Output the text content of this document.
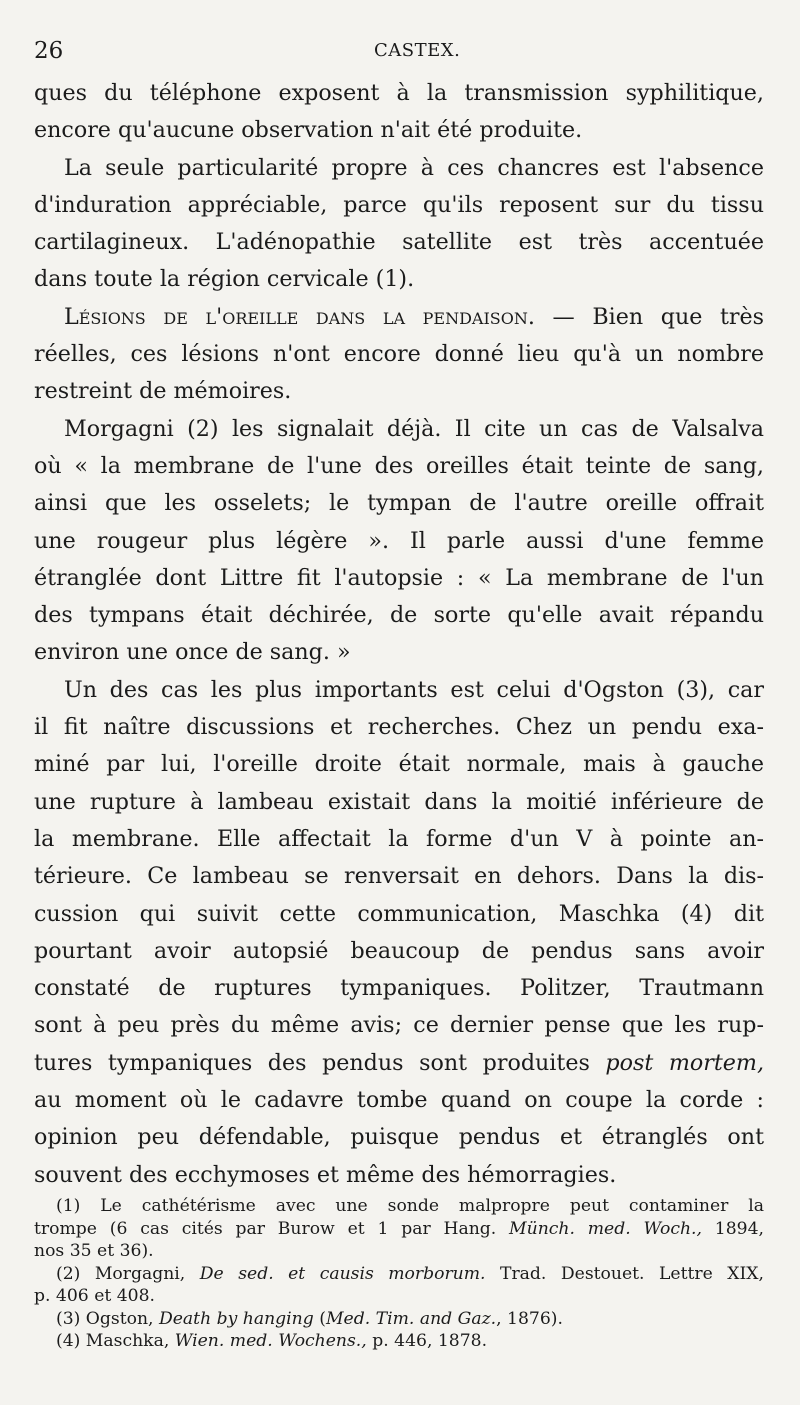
26	CASTEX.
ques du téléphone exposent à la transmission syphilitique,
encore qu'aucune observation n'ait été produite.
La seule particularité propre à ces chancres est l'absence
d'induration appréciable, parce qu'ils reposent sur du tissu
cartilagineux. L'adénopathie satellite est très accentuée
dans toute la région cervicale (1).
Lésions de l'oreille dans la pendaison. — Bien que très
réelles, ces lésions n'ont encore donné lieu qu'à un nombre
restreint de mémoires.
Morgagni (2) les signalait déjà. Il cite un cas de Valsalva
où « la membrane de l'une des oreilles était teinte de sang,
ainsi que les osselets; le tympan de l'autre oreille offrait
une rougeur plus légère ». Il parle aussi d'une femme
étranglée dont Littre fit l'autopsie : « La membrane de l'un
des tympans était déchirée, de sorte qu'elle avait répandu
environ une once de sang. »
Un des cas les plus importants est celui d'Ogston (3), car
il fit naître discussions et recherches. Chez un pendu exa-
miné par lui, l'oreille droite était normale, mais à gauche
une rupture à lambeau existait dans la moitié inférieure de
la membrane. Elle affectait la forme d'un V à pointe an-
térieure. Ce lambeau se renversait en dehors. Dans la dis-
cussion qui suivit cette communication, Maschka (4) dit
pourtant avoir autopsié beaucoup de pendus sans avoir
constaté de ruptures tympaniques. Politzer, Trautmann
sont à peu près du même avis; ce dernier pense que les rup-
tures tympaniques des pendus sont produites post mortem,
au moment où le cadavre tombe quand on coupe la corde :
opinion peu défendable, puisque pendus et étranglés ont
souvent des ecchymoses et même des hémorragies.
(1) Le cathétérisme avec une sonde malpropre peut contaminer la
trompe (6 cas cités par Burow et 1 par Hang. Münch. med. Woch., 1894,
nos 35 et 36).
(2) Morgagni, De sed. et causis morborum. Trad. Destouet. Lettre XIX,
p. 406 et 408.
(3) Ogston, Death by hanging (Med. Tim. and Gaz., 1876).
(4) Maschka, Wien. med. Wochens., p. 446, 1878.
